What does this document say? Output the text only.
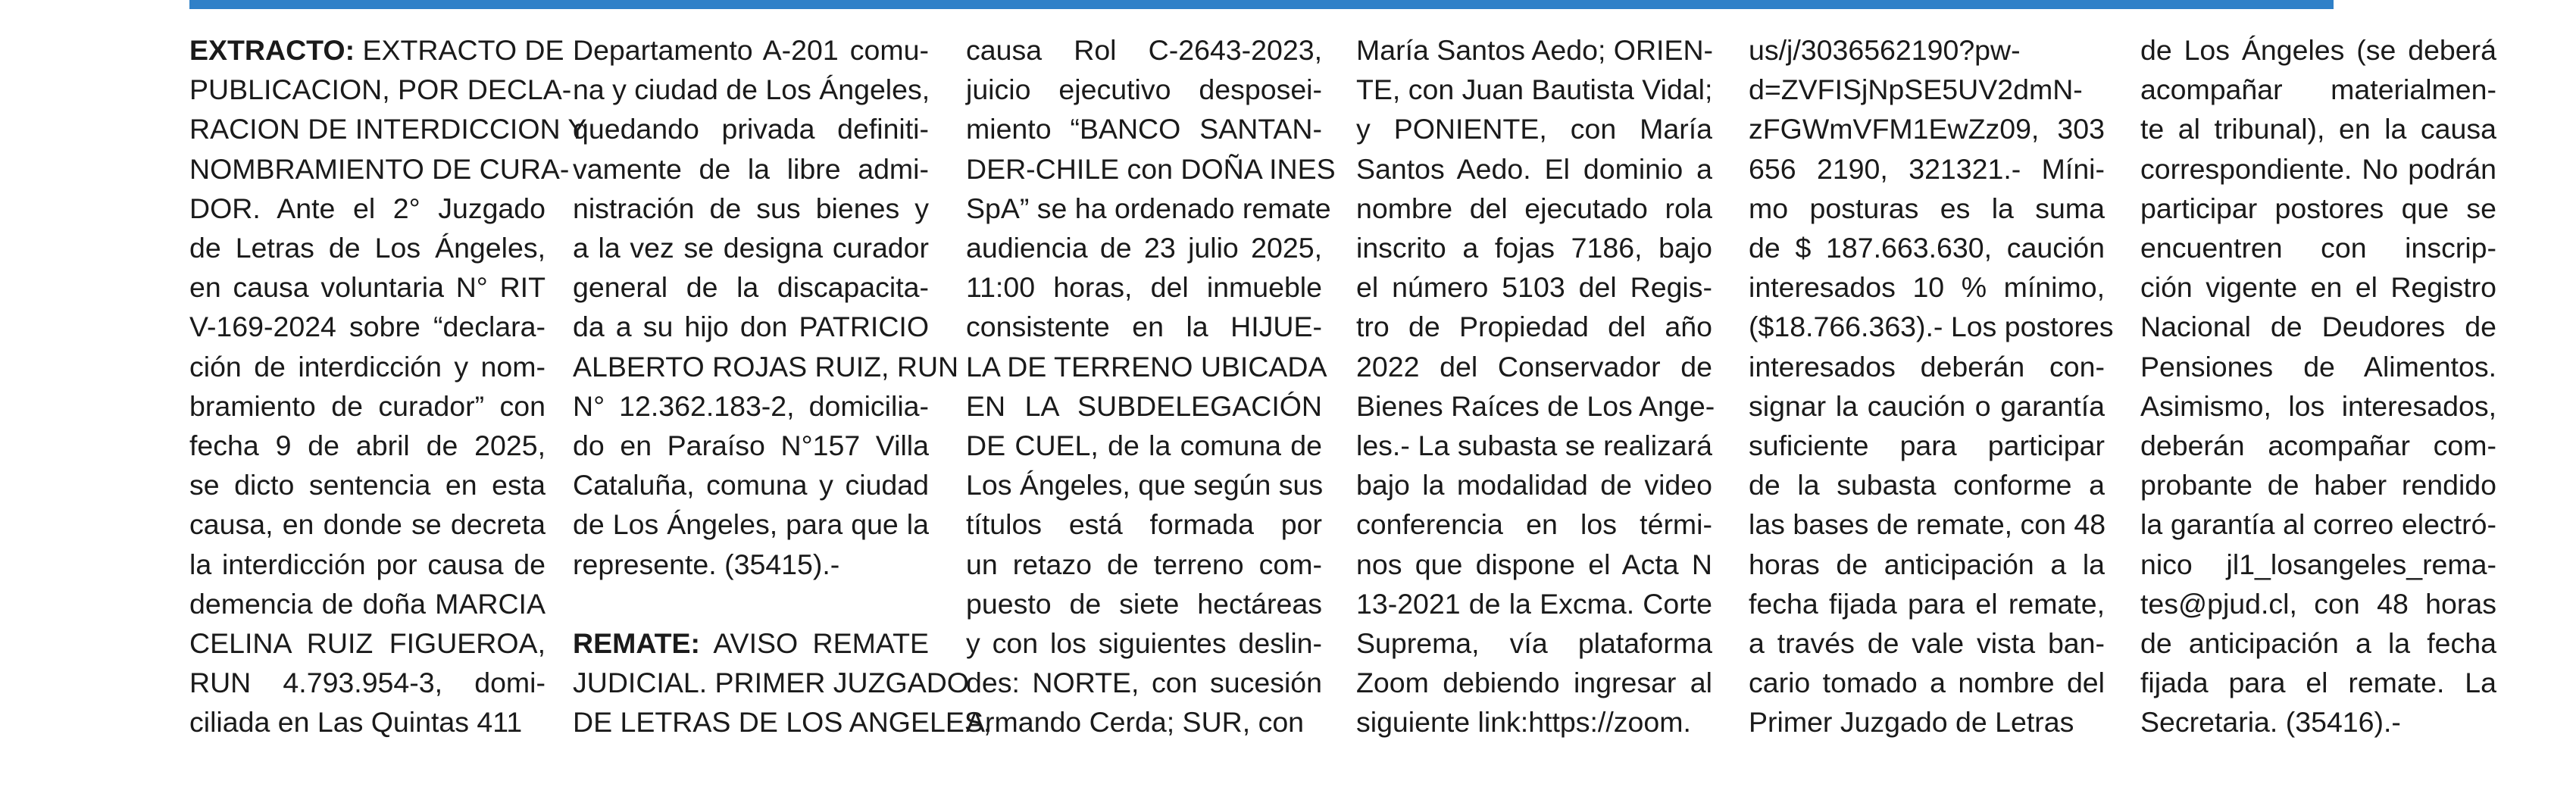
EXTRACTO: EXTRACTO DE
PUBLICACION, POR DECLA-
RACION DE INTERDICCION Y
NOMBRAMIENTO DE CURA-
DOR. Ante el 2° Juzgado
de Letras de Los Ángeles,
en causa voluntaria N° RIT
V-169-2024 sobre “declara-
ción de interdicción y nom-
bramiento de curador” con
fecha 9 de abril de 2025,
se dicto sentencia en esta
causa, en donde se decreta
la interdicción por causa de
demencia de doña MARCIA
CELINA RUIZ FIGUEROA,
RUN 4.793.954-3, domi-
ciliada en Las Quintas 411
Departamento A-201 comu-
na y ciudad de Los Ángeles,
quedando privada definiti-
vamente de la libre admi-
nistración de sus bienes y
a la vez se designa curador
general de la discapacita-
da a su hijo don PATRICIO
ALBERTO ROJAS RUIZ, RUN
N° 12.362.183-2, domicilia-
do en Paraíso N°157 Villa
Cataluña, comuna y ciudad
de Los Ángeles, para que la
represente. (35415).-
REMATE: AVISO REMATE
JUDICIAL. PRIMER JUZGADO
DE LETRAS DE LOS ANGELES,
causa Rol C-2643-2023,
juicio ejecutivo desposei-
miento “BANCO SANTAN-
DER-CHILE con DOÑA INES
SpA” se ha ordenado remate
audiencia de 23 julio 2025,
11:00 horas, del inmueble
consistente en la HIJUE-
LA DE TERRENO UBICADA
EN LA SUBDELEGACIÓN
DE CUEL, de la comuna de
Los Ángeles, que según sus
títulos está formada por
un retazo de terreno com-
puesto de siete hectáreas
y con los siguientes deslin-
des: NORTE, con sucesión
Armando Cerda; SUR, con
María Santos Aedo; ORIEN-
TE, con Juan Bautista Vidal;
y PONIENTE, con María
Santos Aedo. El dominio a
nombre del ejecutado rola
inscrito a fojas 7186, bajo
el número 5103 del Regis-
tro de Propiedad del año
2022 del Conservador de
Bienes Raíces de Los Ange-
les.- La subasta se realizará
bajo la modalidad de video
conferencia en los térmi-
nos que dispone el Acta N
13-2021 de la Excma. Corte
Suprema, vía plataforma
Zoom debiendo ingresar al
siguiente link:https://zoom.
us/j/3036562190?pw-
d=ZVFISjNpSE5UV2dmN-
zFGWmVFM1EwZz09, 303
656 2190, 321321.- Míni-
mo posturas es la suma
de $ 187.663.630, caución
interesados 10 % mínimo,
($18.766.363).- Los postores
interesados deberán con-
signar la caución o garantía
suficiente para participar
de la subasta conforme a
las bases de remate, con 48
horas de anticipación a la
fecha fijada para el remate,
a través de vale vista ban-
cario tomado a nombre del
Primer Juzgado de Letras
de Los Ángeles (se deberá
acompañar materialmen-
te al tribunal), en la causa
correspondiente. No podrán
participar postores que se
encuentren con inscrip-
ción vigente en el Registro
Nacional de Deudores de
Pensiones de Alimentos.
Asimismo, los interesados,
deberán acompañar com-
probante de haber rendido
la garantía al correo electró-
nico jl1_losangeles_rema-
tes@pjud.cl, con 48 horas
de anticipación a la fecha
fijada para el remate. La
Secretaria. (35416).-
